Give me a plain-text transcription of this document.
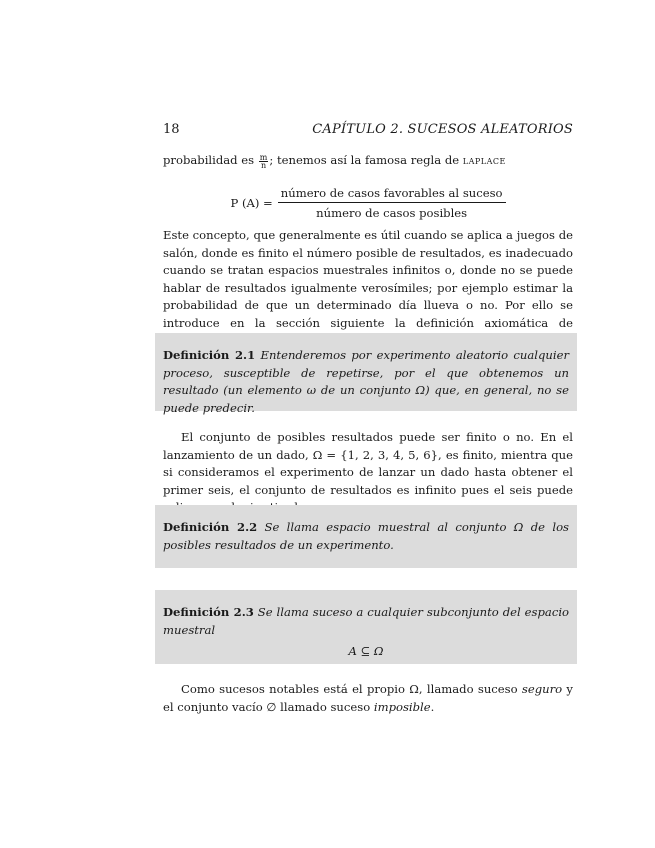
18	CAPÍTULO 2. SUCESOS ALEATORIOS
probabilidad es $\frac{m}{n}$ ; tenemos así la famosa regla de laplace
P $(A) = \frac{\text{número de casos favorables al suceso}}{\text{número de casos posibles}}$
Este concepto, que generalmente es útil cuando se aplica a juegos de salón, donde es finito el número posible de resultados, es inadecuado cuando se tratan espacios muestrales infinitos o, donde no se puede hablar de resultados igualmente verosímiles; por ejemplo estimar la probabilidad de que un determinado día llueva o no. Por ello se introduce en la sección siguiente la definición axiomática de
Definición 2.1 Entenderemos por experimento aleatorio cualquier proceso, susceptible de repetirse, por el que obtenemos un resultado (un elemento ω de un conjunto Ω) que, en general, no se puede predecir.
El conjunto de posibles resultados puede ser finito o no. En el lanzamiento de un dado, Ω = {1, 2, 3, 4, 5, 6}, es finito, mientra que si consideramos el experimento de lanzar un dado hasta obtener el primer seis, el conjunto de resultados es infinito pues el seis puede
Definición 2.2 Se llama espacio muestral al conjunto Ω de los posibles resultados de un experimento.
Definición 2.3 Se llama suceso a cualquier subconjunto del espacio muestral
A ⊆ Ω
Como sucesos notables está el propio Ω, llamado suceso seguro y el conjunto vacío ∅ llamado suceso imposible.
